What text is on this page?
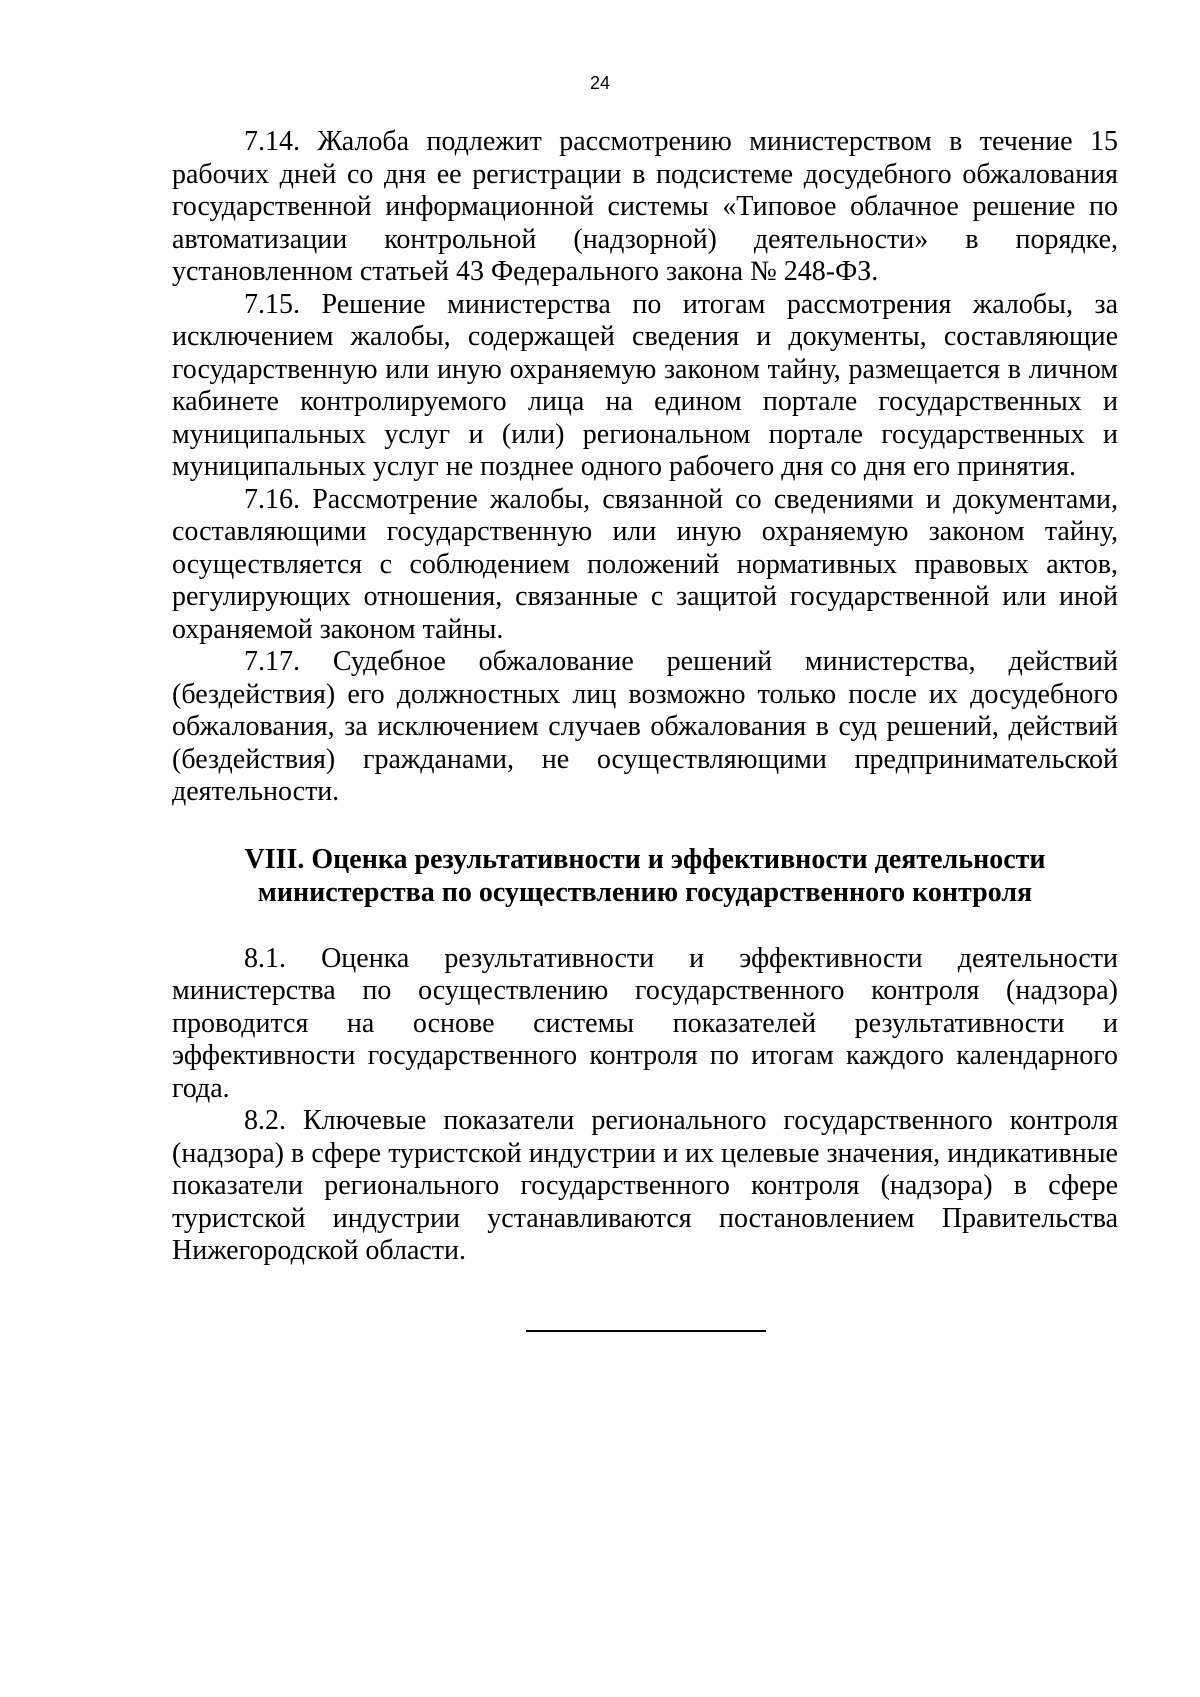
24

7.14. Жалоба подлежит рассмотрению министерством в течение 15 рабочих дней со дня ее регистрации в подсистеме досудебного обжалования государственной информационной системы «Типовое облачное решение по автоматизации контрольной (надзорной) деятельности» в порядке, установленном статьей 43 Федерального закона № 248-ФЗ.

7.15. Решение министерства по итогам рассмотрения жалобы, за исключением жалобы, содержащей сведения и документы, составляющие государственную или иную охраняемую законом тайну, размещается в личном кабинете контролируемого лица на едином портале государственных и муниципальных услуг и (или) региональном портале государственных и муниципальных услуг не позднее одного рабочего дня со дня его принятия.

7.16. Рассмотрение жалобы, связанной со сведениями и документами, составляющими государственную или иную охраняемую законом тайну, осуществляется с соблюдением положений нормативных правовых актов, регулирующих отношения, связанные с защитой государственной или иной охраняемой законом тайны.

7.17. Судебное обжалование решений министерства, действий (бездействия) его должностных лиц возможно только после их досудебного обжалования, за исключением случаев обжалования в суд решений, действий (бездействия) гражданами, не осуществляющими предпринимательской деятельности.

VIII. Оценка результативности и эффективности деятельности
министерства по осуществлению государственного контроля

8.1. Оценка результативности и эффективности деятельности министерства по осуществлению государственного контроля (надзора) проводится на основе системы показателей результативности и эффективности государственного контроля по итогам каждого календарного года.

8.2. Ключевые показатели регионального государственного контроля (надзора) в сфере туристской индустрии и их целевые значения, индикативные показатели регионального государственного контроля (надзора) в сфере туристской индустрии устанавливаются постановлением Правительства Нижегородской области.
